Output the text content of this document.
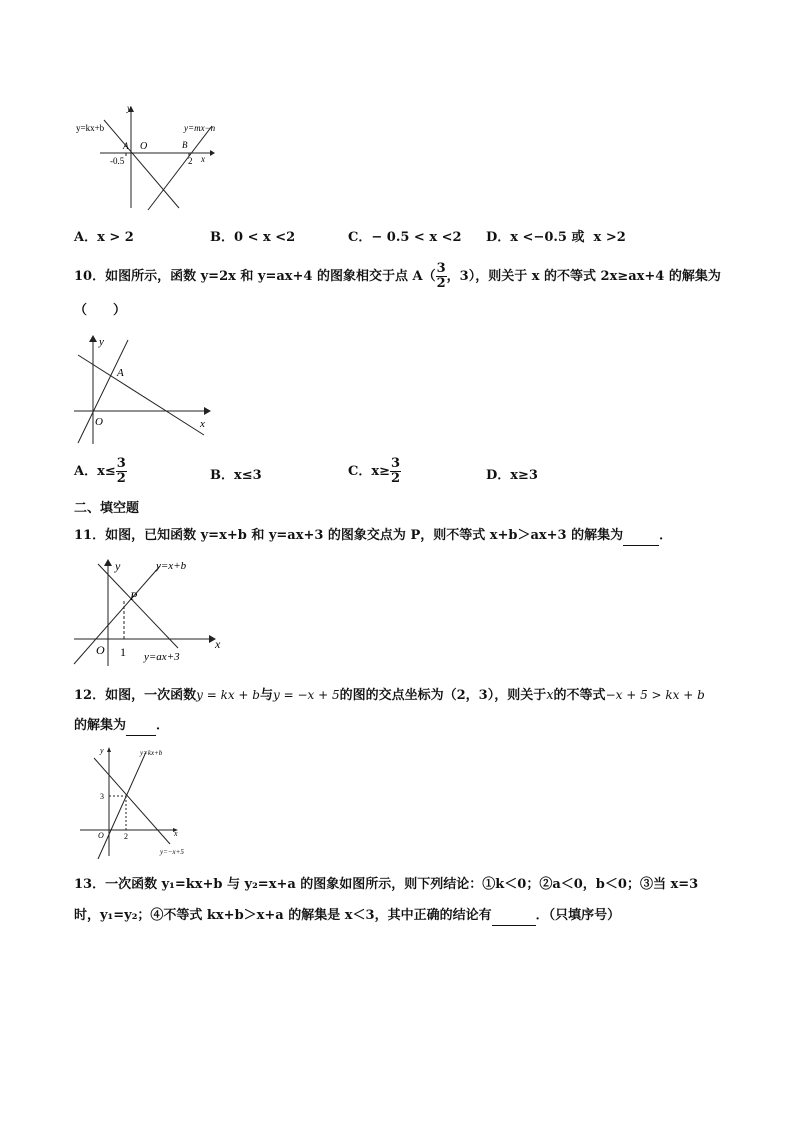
y=kx+b	y=mx−n
y
x
O
A	B
-0.5	2
A．x > 2	B．0 < x <2	C．− 0.5 < x <2 D．x <−0.5 或  x >2
10．如图所示，函数 y=2x 和 y=ax+4 的图象相交于点 $A( \frac{3}{2}$ ，3），则关于 x 的不等式 2x≥ax+4 的解集为
（　　）
y
x
O
A
A．$x\le \frac{3}{2}$	B．x≤3	C．$x\ge \frac{3}{2}$	D．x≥3
二、填空题
11．如图，已知函数 y=x+b 和 y=ax+3 的图象交点为 P，则不等式 x+b＞ax+3 的解集为	．
y
x
O
P
1
y=x+b
y=ax+3
12．如图，一次函数y = kx + b与y = −x + 5的图的交点坐标为（2，3），则关于x的不等式−x + 5 > kx + b
的解集为 ．
y
x
O
3
2
y=kx+b
y=−x+5
13．一次函数 y₁=kx+b 与 y₂=x+a 的图象如图所示，则下列结论：①k＜0；②a＜0，b＜0；③当 x=3
时，y₁=y₂；④不等式 kx+b＞x+a 的解集是 x＜3，其中正确的结论有	．（只填序号）
